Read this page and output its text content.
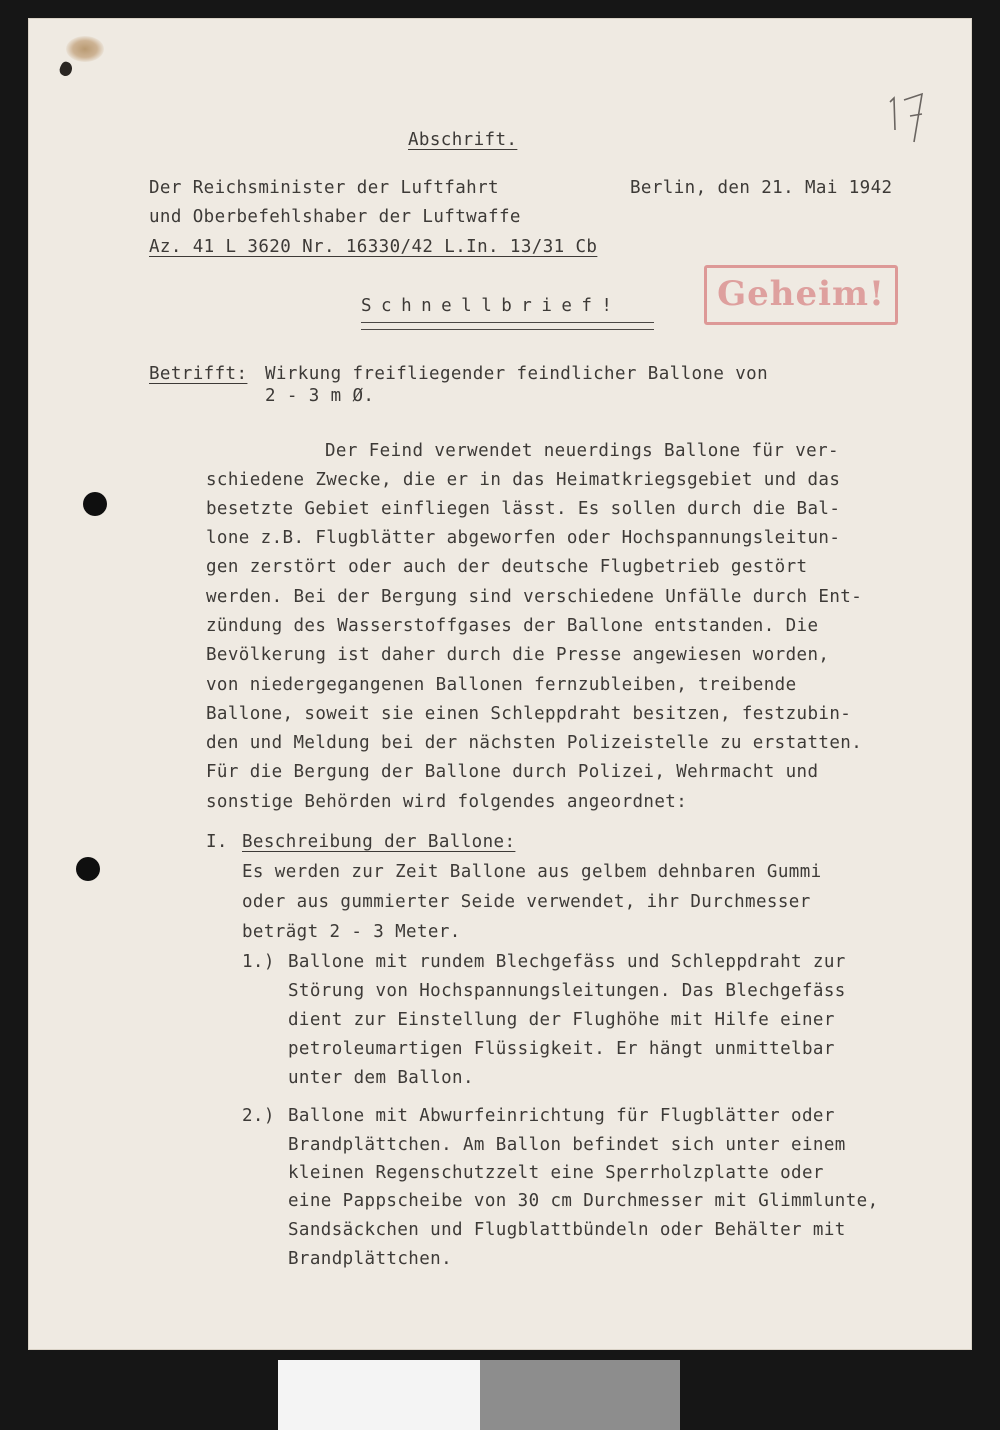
Abschrift.
Der Reichsminister der Luftfahrt
und Oberbefehlshaber der Luftwaffe
Az. 41 L 3620 Nr. 16330/42 L.In. 13/31 Cb
Berlin, den 21. Mai 1942
Geheim!
Schnellbrief!
Betrifft: Wirkung freifliegender feindlicher Ballone von
2 - 3 m Ø.
Der Feind verwendet neuerdings Ballone für ver-
schiedene Zwecke, die er in das Heimatkriegsgebiet und das
besetzte Gebiet einfliegen lässt. Es sollen durch die Bal-
lone z.B. Flugblätter abgeworfen oder Hochspannungsleitun-
gen zerstört oder auch der deutsche Flugbetrieb gestört
werden. Bei der Bergung sind verschiedene Unfälle durch Ent-
zündung des Wasserstoffgases der Ballone entstanden. Die
Bevölkerung ist daher durch die Presse angewiesen worden,
von niedergegangenen Ballonen fernzubleiben, treibende
Ballone, soweit sie einen Schleppdraht besitzen, festzubin-
den und Meldung bei der nächsten Polizeistelle zu erstatten.
Für die Bergung der Ballone durch Polizei, Wehrmacht und
sonstige Behörden wird folgendes angeordnet:
I. Beschreibung der Ballone:
Es werden zur Zeit Ballone aus gelbem dehnbaren Gummi
oder aus gummierter Seide verwendet, ihr Durchmesser
beträgt 2 - 3 Meter.
1.) Ballone mit rundem Blechgefäss und Schleppdraht zur
Störung von Hochspannungsleitungen. Das Blechgefäss
dient zur Einstellung der Flughöhe mit Hilfe einer
petroleumartigen Flüssigkeit. Er hängt unmittelbar
unter dem Ballon.
2.) Ballone mit Abwurfeinrichtung für Flugblätter oder
Brandplättchen. Am Ballon befindet sich unter einem
kleinen Regenschutzzelt eine Sperrholzplatte oder
eine Pappscheibe von 30 cm Durchmesser mit Glimmlunte,
Sandsäckchen und Flugblattbündeln oder Behälter mit
Brandplättchen.
